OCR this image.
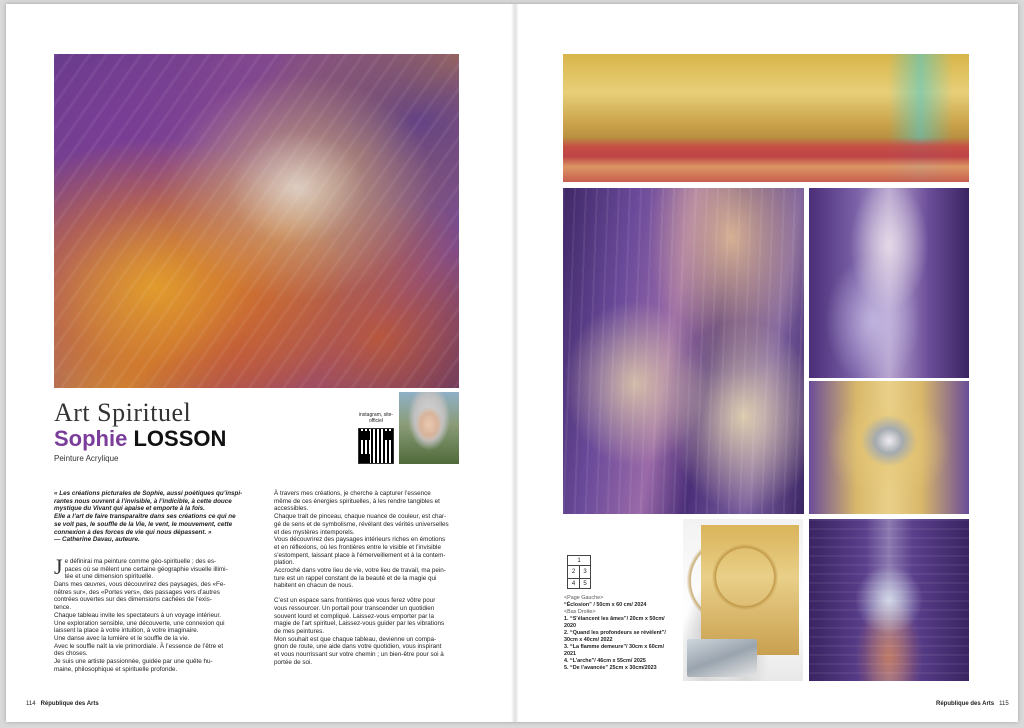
Art Spirituel
Sophie LOSSON
Peinture Acrylique
instagram, site-officiel

« Les créations picturales de Sophie, aussi poétiques qu’inspi-

rantes nous ouvrent à l’invisible, à l’indicible, à cette douce

mystique du Vivant qui apaise et emporte à la fois.

Elle a l’art de faire transparaître dans ses créations ce qui ne

se voit pas, le souffle de la Vie, le vent, le mouvement, cette

connexion à des forces de vie qui nous dépassent. »

— Catherine Davau, auteure.

J e définirai ma peinture comme géo-spirituelle ; des es-

paces où se mêlent une certaine géographie visuelle illimi-

tée et une dimension spirituelle.

Dans mes œuvres, vous découvrirez des paysages, des «Fe-

nêtres sur», des «Portes vers», des passages vers d’autres

contrées ouvertes sur des dimensions cachées de l’exis-

tence.

Chaque tableau invite les spectateurs à un voyage intérieur.

Une exploration sensible, une découverte, une connexion qui

laissent la place à votre intuition, à votre imaginaire.

Une danse avec la lumière et le souffle de la vie.

Avec le souffle naît la vie primordiale. À l’essence de l’être et

des choses.

Je suis une artiste passionnée, guidée par une quête hu-

maine, philosophique et spirituelle profonde.

À travers mes créations, je cherche à capturer l’essence

même de ces énergies spirituelles, à les rendre tangibles et

accessibles.

Chaque trait de pinceau, chaque nuance de couleur, est char-

gé de sens et de symbolisme, révélant des vérités universelles

et des mystères intemporels.

Vous découvrirez des paysages intérieurs riches en émotions

et en réflexions, où les frontières entre le visible et l’invisible

s’estompent, laissant place à l’émerveillement et à la contem-

plation.

Accroché dans votre lieu de vie, votre lieu de travail, ma pein-

ture est un rappel constant de la beauté et de la magie qui

habitent en chacun de nous.

C’est un espace sans frontières que vous ferez vôtre pour

vous ressourcer. Un portail pour transcender un quotidien

souvent lourd et compliqué. Laissez-vous emporter par la

magie de l’art spirituel, Laissez-vous guider par les vibrations

de mes peintures.

Mon souhait est que chaque tableau, devienne un compa-

gnon de route, une aide dans votre quotidien, vous inspirant

et vous nourrissant sur votre chemin ; un bien-être pour soi à

portée de soi.

114 République des Arts
1
2	3
4	5

<Page Gauche>

“Éclosion” / 50cm x 60 cm/ 2024

<Bas Droite>

1. “S’élancent les âmes”/ 20cm x 50cm/

2020

2. “Quand les profondeurs se révèlent”/

30cm x 40cm/ 2022

3. “La flamme demeure”/ 30cm x 60cm/

2021

4. “L’arche”/ 46cm x 55cm/ 2025

5. “De l’avancée” 25cm x 30cm/2023

République des Arts 115
